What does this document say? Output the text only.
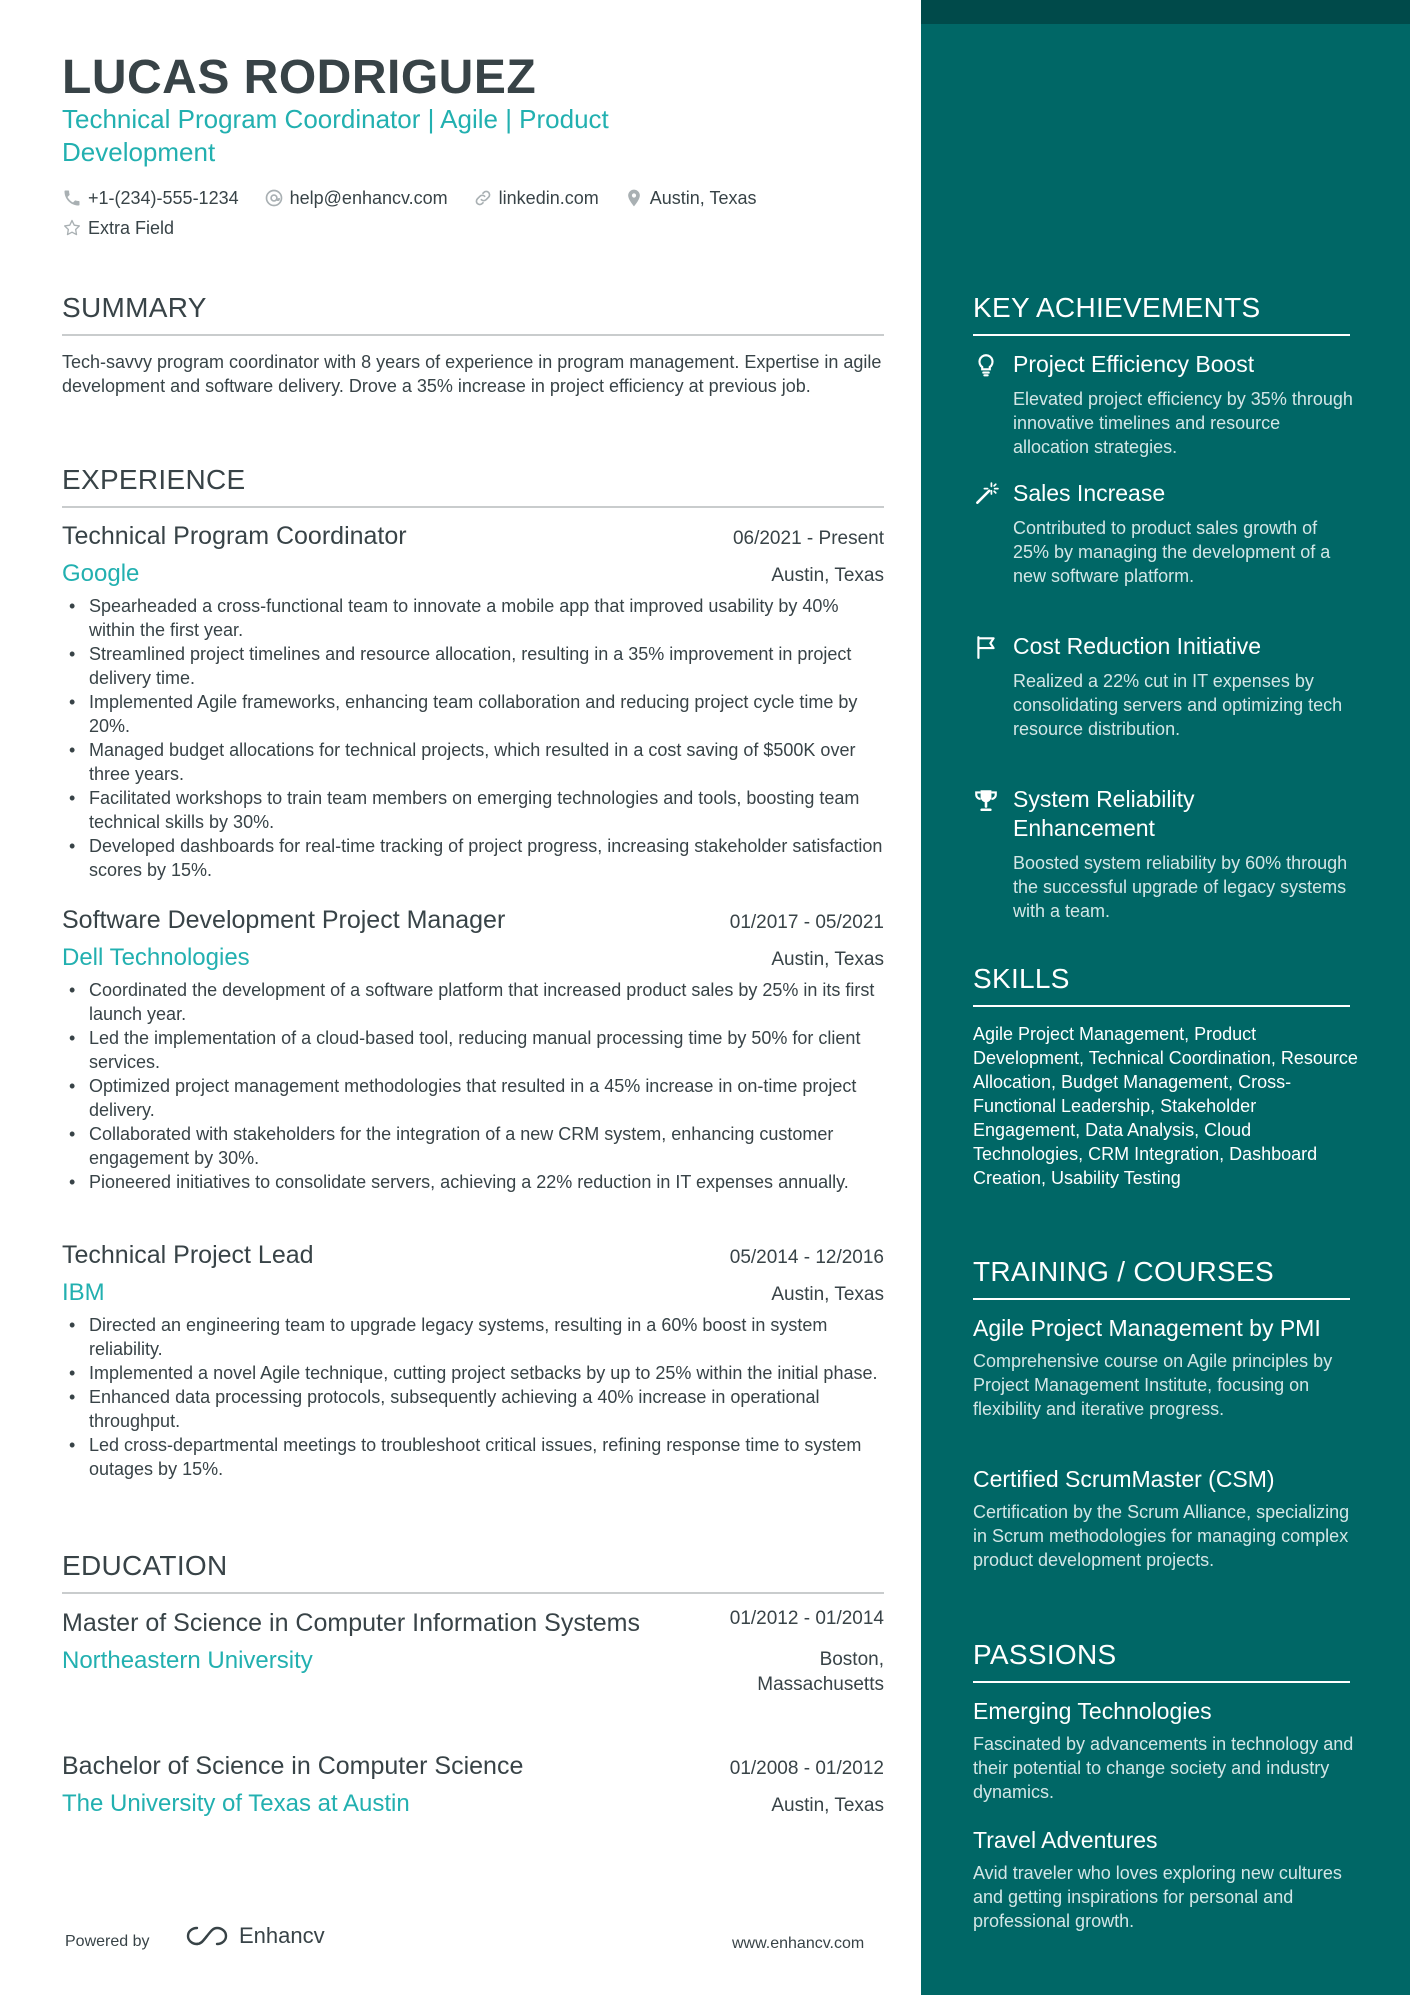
LUCAS RODRIGUEZ
Technical Program Coordinator | Agile | Product Development
+1-(234)-555-1234
	help@enhancv.com
	linkedin.com
	Austin, Texas
Extra Field
SUMMARY
Tech-savvy program coordinator with 8 years of experience in program management. Expertise in agile development and software delivery. Drove a 35% increase in project efficiency at previous job.
EXPERIENCE
Technical Program Coordinator	06/2021 - Present
Google	Austin, Texas
• Spearheaded a cross-functional team to innovate a mobile app that improved usability by 40% within the first year.
• Streamlined project timelines and resource allocation, resulting in a 35% improvement in project delivery time.
• Implemented Agile frameworks, enhancing team collaboration and reducing project cycle time by 20%.
• Managed budget allocations for technical projects, which resulted in a cost saving of $500K over three years.
• Facilitated workshops to train team members on emerging technologies and tools, boosting team technical skills by 30%.
• Developed dashboards for real-time tracking of project progress, increasing stakeholder satisfaction scores by 15%.
Software Development Project Manager	01/2017 - 05/2021
Dell Technologies	Austin, Texas
• Coordinated the development of a software platform that increased product sales by 25% in its first launch year.
• Led the implementation of a cloud-based tool, reducing manual processing time by 50% for client services.
• Optimized project management methodologies that resulted in a 45% increase in on-time project delivery.
• Collaborated with stakeholders for the integration of a new CRM system, enhancing customer engagement by 30%.
• Pioneered initiatives to consolidate servers, achieving a 22% reduction in IT expenses annually.
Technical Project Lead	05/2014 - 12/2016
IBM	Austin, Texas
• Directed an engineering team to upgrade legacy systems, resulting in a 60% boost in system reliability.
• Implemented a novel Agile technique, cutting project setbacks by up to 25% within the initial phase.
• Enhanced data processing protocols, subsequently achieving a 40% increase in operational throughput.
• Led cross-departmental meetings to troubleshoot critical issues, refining response time to system outages by 15%.
EDUCATION
Master of Science in Computer Information Systems	01/2012 - 01/2014
Northeastern University	Boston, Massachusetts
Bachelor of Science in Computer Science	01/2008 - 01/2012
The University of Texas at Austin	Austin, Texas
Powered by	Enhancv	www.enhancv.com
KEY ACHIEVEMENTS
Project Efficiency Boost
Elevated project efficiency by 35% through innovative timelines and resource allocation strategies.
Sales Increase
Contributed to product sales growth of 25% by managing the development of a new software platform.
Cost Reduction Initiative
Realized a 22% cut in IT expenses by consolidating servers and optimizing tech resource distribution.
System Reliability Enhancement
Boosted system reliability by 60% through the successful upgrade of legacy systems with a team.
SKILLS
Agile Project Management, Product Development, Technical Coordination, Resource Allocation, Budget Management, Cross-Functional Leadership, Stakeholder Engagement, Data Analysis, Cloud Technologies, CRM Integration, Dashboard Creation, Usability Testing
TRAINING / COURSES
Agile Project Management by PMI
Comprehensive course on Agile principles by Project Management Institute, focusing on flexibility and iterative progress.
Certified ScrumMaster (CSM)
Certification by the Scrum Alliance, specializing in Scrum methodologies for managing complex product development projects.
PASSIONS
Emerging Technologies
Fascinated by advancements in technology and their potential to change society and industry dynamics.
Travel Adventures
Avid traveler who loves exploring new cultures and getting inspirations for personal and professional growth.
